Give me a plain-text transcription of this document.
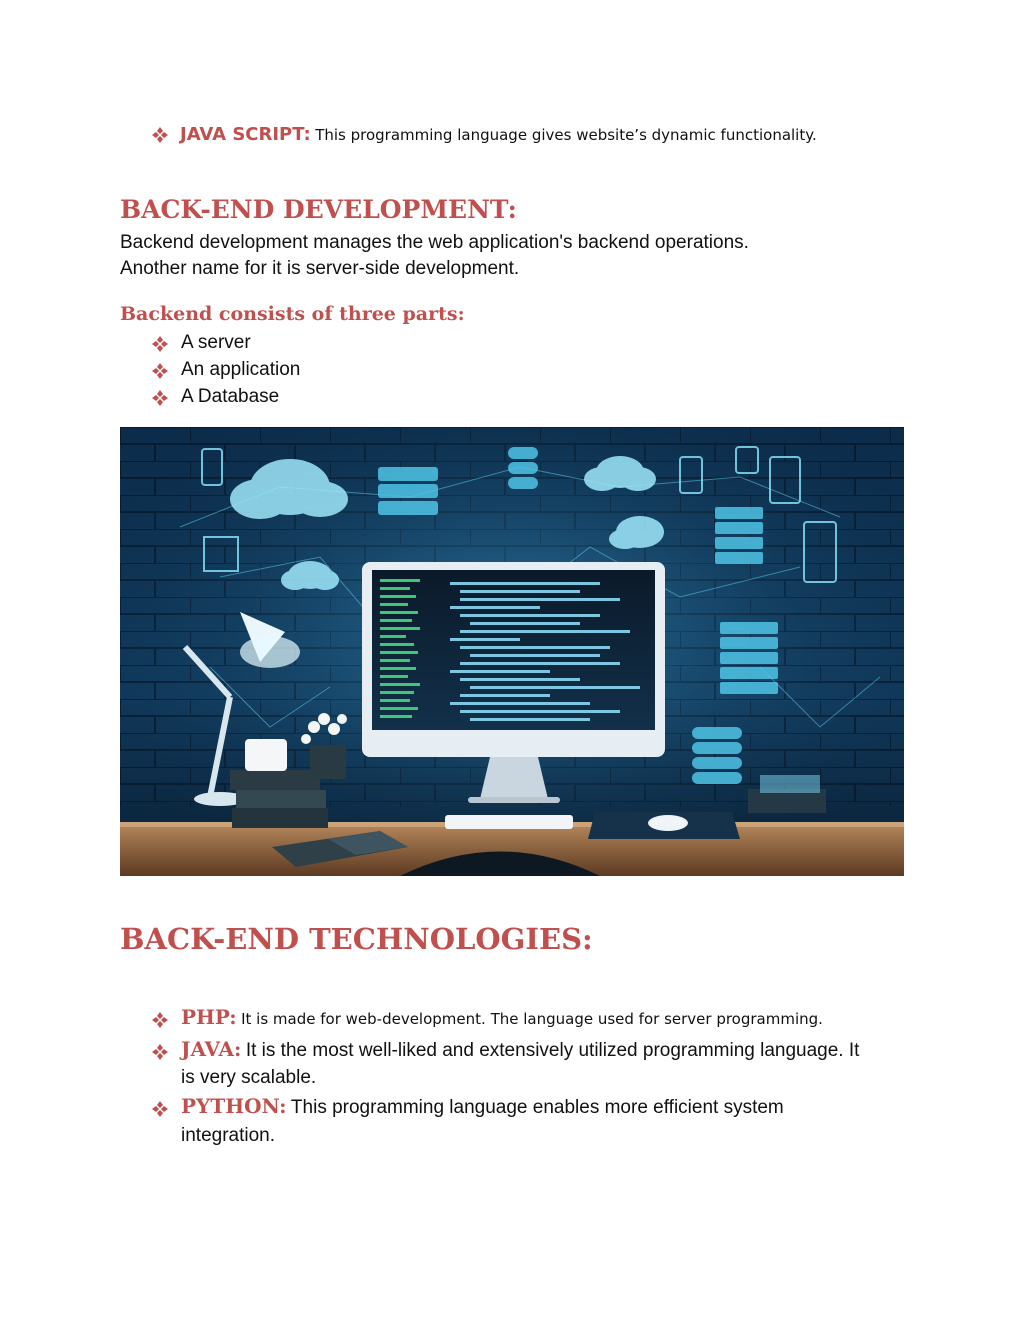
JAVA SCRIPT: This programming language gives website’s dynamic functionality.
BACK-END DEVELOPMENT:
Backend development manages the web application's backend operations.
Another name for it is server-side development.
Backend consists of three parts:
A server
An application
A Database
BACK-END TECHNOLOGIES:
PHP: It is made for web-development. The language used for server programming.
JAVA: It is the most well-liked and extensively utilized programming language. It
is very scalable.
PYTHON: This programming language enables more efficient system
integration.
